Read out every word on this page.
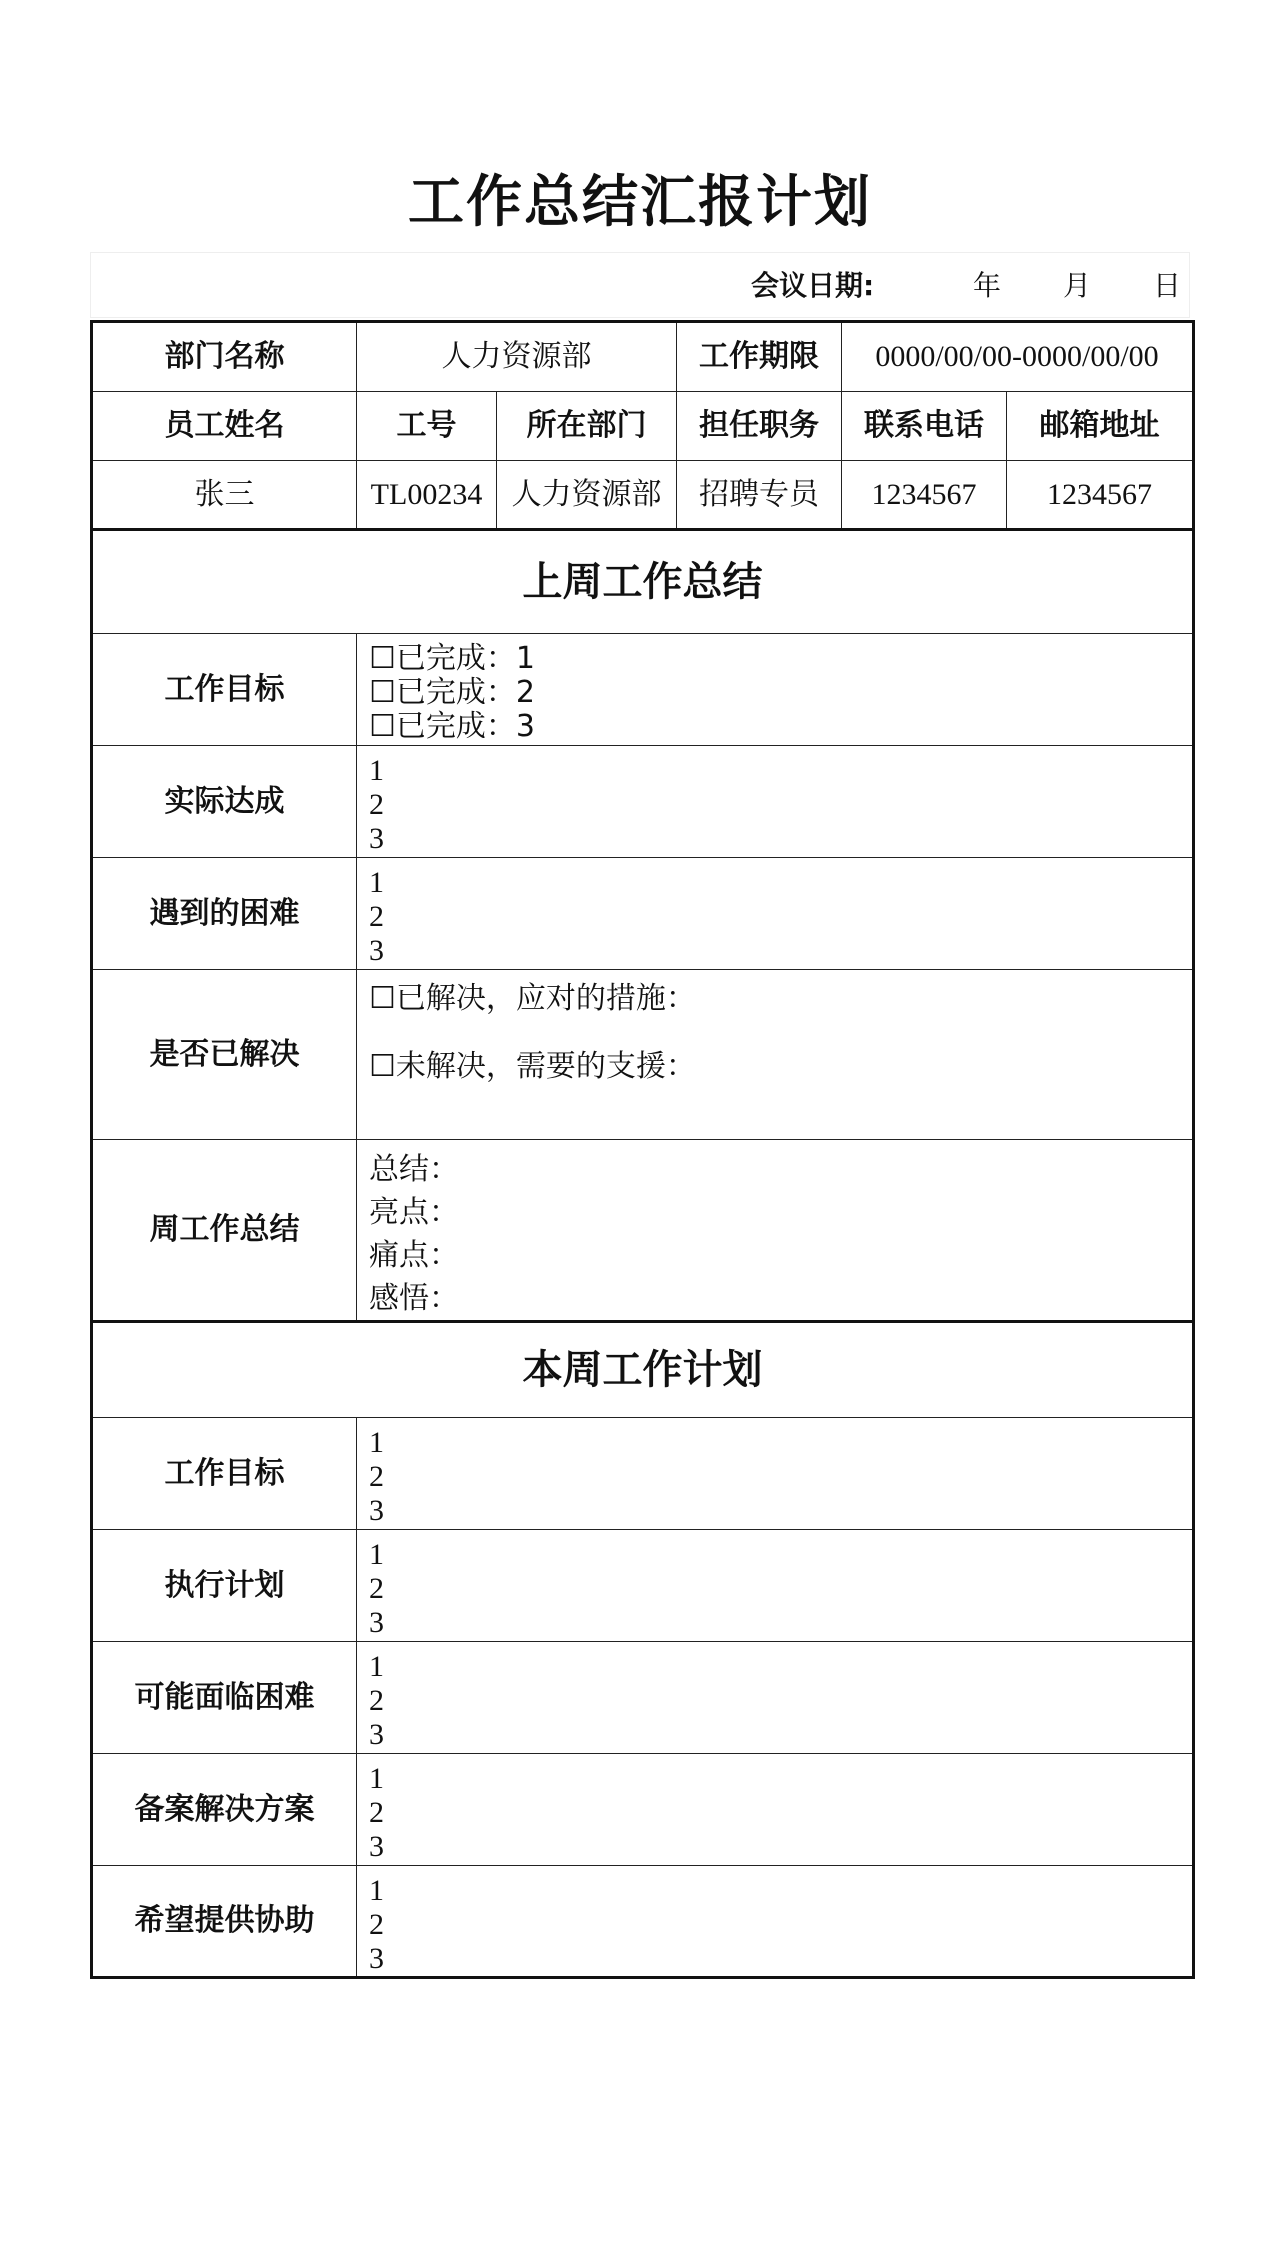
工作总结汇报计划
会议日期:	年 月 日
部门名称	人力资源部		工作期限	0000/00/00-0000/00/00	
员工姓名	工号	所在部门	担任职务	联系电话	邮箱地址
张三	TL00234	人力资源部	招聘专员	1234567	1234567
上周工作总结					
工作目标	☐已完成：1
☐已完成：2
☐已完成：3				

实际达成	1
2
3				

遇到的困难	1
2
3				

是否已解决	☐已解决，应对的措施：
☐未解决，需要的支援：				

周工作总结	总结：
亮点：
痛点：
感悟：				

本周工作计划					
工作目标	1
2
3				

执行计划	1
2
3				

可能面临困难	1
2
3				

备案解决方案	1
2
3				

希望提供协助	1
2
3				
